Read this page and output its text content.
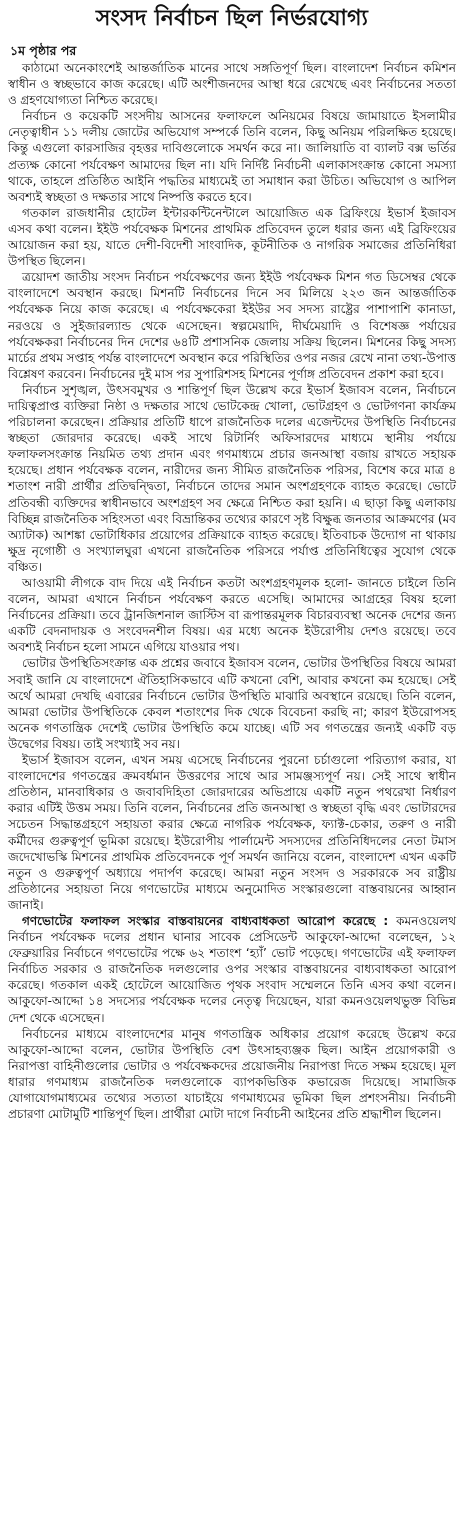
সংসদ নির্বাচন ছিল নির্ভরযোগ্য
১ম পৃষ্ঠার পর

কাঠামো অনেকাংশেই আন্তর্জাতিক মানের সাথে সঙ্গতিপূর্ণ ছিল। বাংলাদেশ নির্বাচন কমিশন স্বাধীন ও স্বচ্ছভাবে কাজ করেছে। এটি অংশীজনদের আস্থা ধরে রেখেছে এবং নির্বাচনের সততা ও গ্রহণযোগ্যতা নিশ্চিত করেছে।

নির্বাচন ও কয়েকটি সংসদীয় আসনের ফলাফলে অনিয়মের বিষয়ে জামায়াতে ইসলামীর নেতৃত্বাধীন ১১ দলীয় জোটের অভিযোগ সম্পর্কে তিনি বলেন, কিছু অনিয়ম পরিলক্ষিত হয়েছে। কিন্তু এগুলো কারসাজির বৃহত্তর দাবিগুলোকে সমর্থন করে না। জালিয়াতি বা ব্যালট বক্স ভর্তির প্রত্যক্ষ কোনো পর্যবেক্ষণ আমাদের ছিল না। যদি নির্দিষ্ট নির্বাচনী এলাকাসংক্রান্ত কোনো সমস্যা থাকে, তাহলে প্রতিষ্ঠিত আইনি পদ্ধতির মাধ্যমেই তা সমাধান করা উচিত। অভিযোগ ও আপিল অবশ্যই স্বচ্ছতা ও দক্ষতার সাথে নিষ্পত্তি করতে হবে।

গতকাল রাজধানীর হোটেল ইন্টারকন্টিনেন্টালে আয়োজিত এক ব্রিফিংয়ে ইভার্স ইজাবস এসব কথা বলেন। ইইউ পর্যবেক্ষক মিশনের প্রাথমিক প্রতিবেদন তুলে ধরার জন্য এই ব্রিফিংয়ের আয়োজন করা হয়, যাতে দেশী-বিদেশী সাংবাদিক, কূটনীতিক ও নাগরিক সমাজের প্রতিনিধিরা উপস্থিত ছিলেন।

ত্রয়োদশ জাতীয় সংসদ নির্বাচন পর্যবেক্ষণের জন্য ইইউ পর্যবেক্ষক মিশন গত ডিসেম্বর থেকে বাংলাদেশে অবস্থান করছে। মিশনটি নির্বাচনের দিনে সব মিলিয়ে ২২৩ জন আন্তর্জাতিক পর্যবেক্ষক নিয়ে কাজ করেছে। এ পর্যবেক্ষকেরা ইইউর সব সদস্য রাষ্ট্রের পাশাপাশি কানাডা, নরওয়ে ও সুইজারল্যান্ড থেকে এসেছেন। স্বল্পমেয়াদি, দীর্ঘমেয়াদি ও বিশেষজ্ঞ পর্যায়ের পর্যবেক্ষকরা নির্বাচনের দিন দেশের ৬৪টি প্রশাসনিক জেলায় সক্রিয় ছিলেন। মিশনের কিছু সদস্য মার্চের প্রথম সপ্তাহ পর্যন্ত বাংলাদেশে অবস্থান করে পরিস্থিতির ওপর নজর রেখে নানা তথ্য-উপাত্ত বিশ্লেষণ করবেন। নির্বাচনের দুই মাস পর সুপারিশসহ মিশনের পূর্ণাঙ্গ প্রতিবেদন প্রকাশ করা হবে।

নির্বাচন সুশৃঙ্খল, উৎসবমুখর ও শান্তিপূর্ণ ছিল উল্লেখ করে ইভার্স ইজাবস বলেন, নির্বাচনে দায়িত্বপ্রাপ্ত ব্যক্তিরা নিষ্ঠা ও দক্ষতার সাথে ভোটকেন্দ্র খোলা, ভোটগ্রহণ ও ভোটগণনা কার্যক্রম পরিচালনা করেছেন। প্রক্রিয়ার প্রতিটি ধাপে রাজনৈতিক দলের এজেন্টদের উপস্থিতি নির্বাচনের স্বচ্ছতা জোরদার করেছে। একই সাথে রিটার্নিং অফিসারদের মাধ্যমে স্থানীয় পর্যায়ে ফলাফলসংক্রান্ত নিয়মিত তথ্য প্রদান এবং গণমাধ্যমে প্রচার জনআস্থা বজায় রাখতে সহায়ক হয়েছে। প্রধান পর্যবেক্ষক বলেন, নারীদের জন্য সীমিত রাজনৈতিক পরিসর, বিশেষ করে মাত্র ৪ শতাংশ নারী প্রার্থীর প্রতিদ্বন্দ্বিতা, নির্বাচনে তাদের সমান অংশগ্রহণকে ব্যাহত করেছে। ভোটে প্রতিবন্ধী ব্যক্তিদের স্বাধীনভাবে অংশগ্রহণ সব ক্ষেত্রে নিশ্চিত করা হয়নি। এ ছাড়া কিছু এলাকায় বিচ্ছিন্ন রাজনৈতিক সহিংসতা এবং বিভ্রান্তিকর তথ্যের কারণে সৃষ্ট বিক্ষুব্ধ জনতার আক্রমণের (মব অ্যাটাক) আশঙ্কা ভোটাধিকার প্রয়োগের প্রক্রিয়াকে ব্যাহত করেছে। ইতিবাচক উদ্যোগ না থাকায় ক্ষুদ্র নৃগোষ্ঠী ও সংখ্যালঘুরা এখনো রাজনৈতিক পরিসরে পর্যাপ্ত প্রতিনিধিত্বের সুযোগ থেকে বঞ্চিত।

আওয়ামী লীগকে বাদ দিয়ে এই নির্বাচন কতটা অংশগ্রহণমূলক হলো- জানতে চাইলে তিনি বলেন, আমরা এখানে নির্বাচন পর্যবেক্ষণ করতে এসেছি। আমাদের আগ্রহের বিষয় হলো নির্বাচনের প্রক্রিয়া। তবে ট্রানজিশনাল জাস্টিস বা রূপান্তরমূলক বিচারব্যবস্থা অনেক দেশের জন্য একটি বেদনাদায়ক ও সংবেদনশীল বিষয়। এর মধ্যে অনেক ইউরোপীয় দেশও রয়েছে। তবে অবশ্যই নির্বাচন হলো সামনে এগিয়ে যাওয়ার পথ।

ভোটার উপস্থিতিসংক্রান্ত এক প্রশ্নের জবাবে ইজাবস বলেন, ভোটার উপস্থিতির বিষয়ে আমরা সবাই জানি যে বাংলাদেশে ঐতিহাসিকভাবে এটি কখনো বেশি, আবার কখনো কম হয়েছে। সেই অর্থে আমরা দেখছি এবারের নির্বাচনে ভোটার উপস্থিতি মাঝারি অবস্থানে রয়েছে। তিনি বলেন, আমরা ভোটার উপস্থিতিকে কেবল শতাংশের দিক থেকে বিবেচনা করছি না; কারণ ইউরোপসহ অনেক গণতান্ত্রিক দেশেই ভোটার উপস্থিতি কমে যাচ্ছে। এটি সব গণতন্ত্রের জন্যই একটি বড় উদ্বেগের বিষয়। তাই সংখ্যাই সব নয়।

ইভার্স ইজাবস বলেন, এখন সময় এসেছে নির্বাচনের পুরনো চর্চাগুলো পরিত্যাগ করার, যা বাংলাদেশের গণতন্ত্রের ক্রমবর্ধমান উত্তরণের সাথে আর সামঞ্জস্যপূর্ণ নয়। সেই সাথে স্বাধীন প্রতিষ্ঠান, মানবাধিকার ও জবাবদিহিতা জোরদারের অভিপ্রায়ে একটি নতুন পথরেখা নির্ধারণ করার এটিই উত্তম সময়। তিনি বলেন, নির্বাচনের প্রতি জনআস্থা ও স্বচ্ছতা বৃদ্ধি এবং ভোটারদের সচেতন সিদ্ধান্তগ্রহণে সহায়তা করার ক্ষেত্রে নাগরিক পর্যবেক্ষক, ফ্যাক্ট-চেকার, তরুণ ও নারী কর্মীদের গুরুত্বপূর্ণ ভূমিকা রয়েছে। ইউরোপীয় পার্লামেন্ট সদস্যদের প্রতিনিধিদলের নেতা টমাস জদেখোভস্কি মিশনের প্রাথমিক প্রতিবেদনকে পূর্ণ সমর্থন জানিয়ে বলেন, বাংলাদেশ এখন একটি নতুন ও গুরুত্বপূর্ণ অধ্যায়ে পদার্পণ করেছে। আমরা নতুন সংসদ ও সরকারকে সব রাষ্ট্রীয় প্রতিষ্ঠানের সহায়তা নিয়ে গণভোটের মাধ্যমে অনুমোদিত সংস্কারগুলো বাস্তবায়নের আহ্বান জানাই।

গণভোটের ফলাফল সংস্কার বাস্তবায়নের বাধ্যবাধকতা আরোপ করেছে : কমনওয়েলথ নির্বাচন পর্যবেক্ষক দলের প্রধান ঘানার সাবেক প্রেসিডেন্ট আকুফো-আদ্দো বলেছেন, ১২ ফেব্রুয়ারির নির্বাচনে গণভোটের পক্ষে ৬২ শতাংশ ‘হ্যাঁ’ ভোট পড়েছে। গণভোটের এই ফলাফল নির্বাচিত সরকার ও রাজনৈতিক দলগুলোর ওপর সংস্কার বাস্তবায়নের বাধ্যবাধকতা আরোপ করেছে। গতকাল একই হোটেলে আয়োজিত পৃথক সংবাদ সম্মেলনে তিনি এসব কথা বলেন। আকুফো-আদ্দো ১৪ সদস্যের পর্যবেক্ষক দলের নেতৃত্ব দিয়েছেন, যারা কমনওয়েলথভুক্ত বিভিন্ন দেশ থেকে এসেছেন।

নির্বাচনের মাধ্যমে বাংলাদেশের মানুষ গণতান্ত্রিক অধিকার প্রয়োগ করেছে উল্লেখ করে আকুফো-আদ্দো বলেন, ভোটার উপস্থিতি বেশ উৎসাহব্যঞ্জক ছিল। আইন প্রয়োগকারী ও নিরাপত্তা বাহিনীগুলোর ভোটার ও পর্যবেক্ষকদের প্রয়োজনীয় নিরাপত্তা দিতে সক্ষম হয়েছে। মূল ধারার গণমাধ্যম রাজনৈতিক দলগুলোকে ব্যাপকভিত্তিক কভারেজ দিয়েছে। সামাজিক যোগাযোগমাধ্যমের তথ্যের সত্যতা যাচাইয়ে গণমাধ্যমের ভূমিকা ছিল প্রশংসনীয়। নির্বাচনী প্রচারণা মোটামুটি শান্তিপূর্ণ ছিল। প্রার্থীরা মোটা দাগে নির্বাচনী আইনের প্রতি শ্রদ্ধাশীল ছিলেন।
